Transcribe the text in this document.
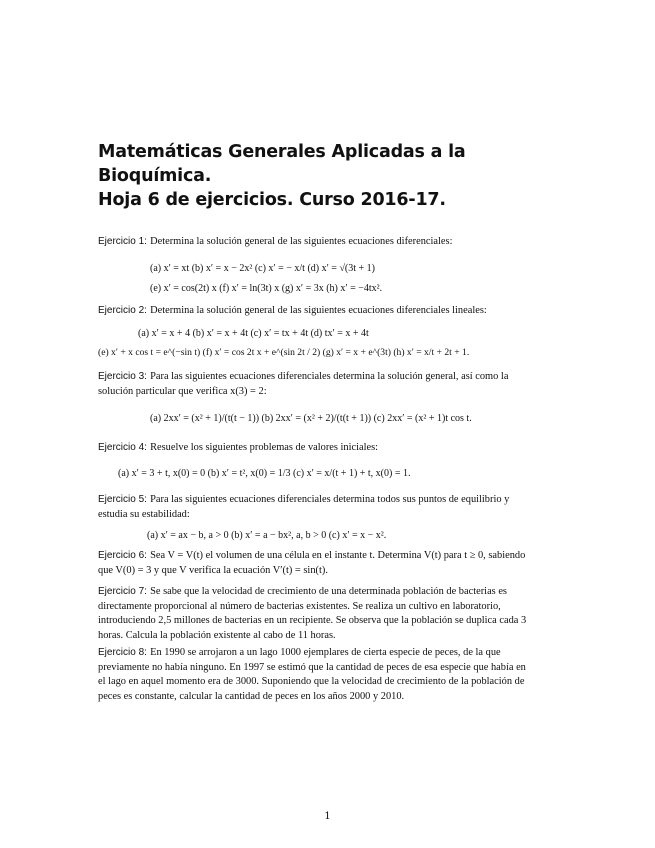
Matemáticas Generales Aplicadas a la Bioquímica.
Hoja 6 de ejercicios. Curso 2016-17.
Ejercicio 1: Determina la solución general de las siguientes ecuaciones diferenciales:
(a) x′ = xt (b) x′ = x − 2x² (c) x′ = − x/t (d) x′ = √(3t + 1)
(e) x′ = cos(2t) x (f) x′ = ln(3t) x (g) x′ = 3x (h) x′ = −4tx².
Ejercicio 2: Determina la solución general de las siguientes ecuaciones diferenciales lineales:
(a) x′ = x + 4 (b) x′ = x + 4t (c) x′ = tx + 4t (d) tx′ = x + 4t
(e) x′ + x cos t = e^(−sin t) (f) x′ = cos 2t x + e^(sin 2t / 2) (g) x′ = x + e^(3t) (h) x′ = x/t + 2t + 1.
Ejercicio 3: Para las siguientes ecuaciones diferenciales determina la solución general, así como la solución particular que verifica x(3) = 2:
(a) 2xx′ = (x² + 1)/(t(t − 1)) (b) 2xx′ = (x² + 2)/(t(t + 1)) (c) 2xx′ = (x² + 1)t cos t.
Ejercicio 4: Resuelve los siguientes problemas de valores iniciales:
(a) x′ = 3 + t, x(0) = 0 (b) x′ = t², x(0) = 1/3 (c) x′ = x/(t + 1) + t, x(0) = 1.
Ejercicio 5: Para las siguientes ecuaciones diferenciales determina todos sus puntos de equilibrio y estudia su estabilidad:
(a) x′ = ax − b, a > 0 (b) x′ = a − bx², a, b > 0 (c) x′ = x − x².
Ejercicio 6: Sea V = V(t) el volumen de una célula en el instante t. Determina V(t) para t ≥ 0, sabiendo que V(0) = 3 y que V verifica la ecuación V′(t) = sin(t).
Ejercicio 7: Se sabe que la velocidad de crecimiento de una determinada población de bacterias es directamente proporcional al número de bacterias existentes. Se realiza un cultivo en laboratorio, introduciendo 2,5 millones de bacterias en un recipiente. Se observa que la población se duplica cada 3 horas. Calcula la población existente al cabo de 11 horas.
Ejercicio 8: En 1990 se arrojaron a un lago 1000 ejemplares de cierta especie de peces, de la que previamente no había ninguno. En 1997 se estimó que la cantidad de peces de esa especie que había en el lago en aquel momento era de 3000. Suponiendo que la velocidad de crecimiento de la población de peces es constante, calcular la cantidad de peces en los años 2000 y 2010.
1
